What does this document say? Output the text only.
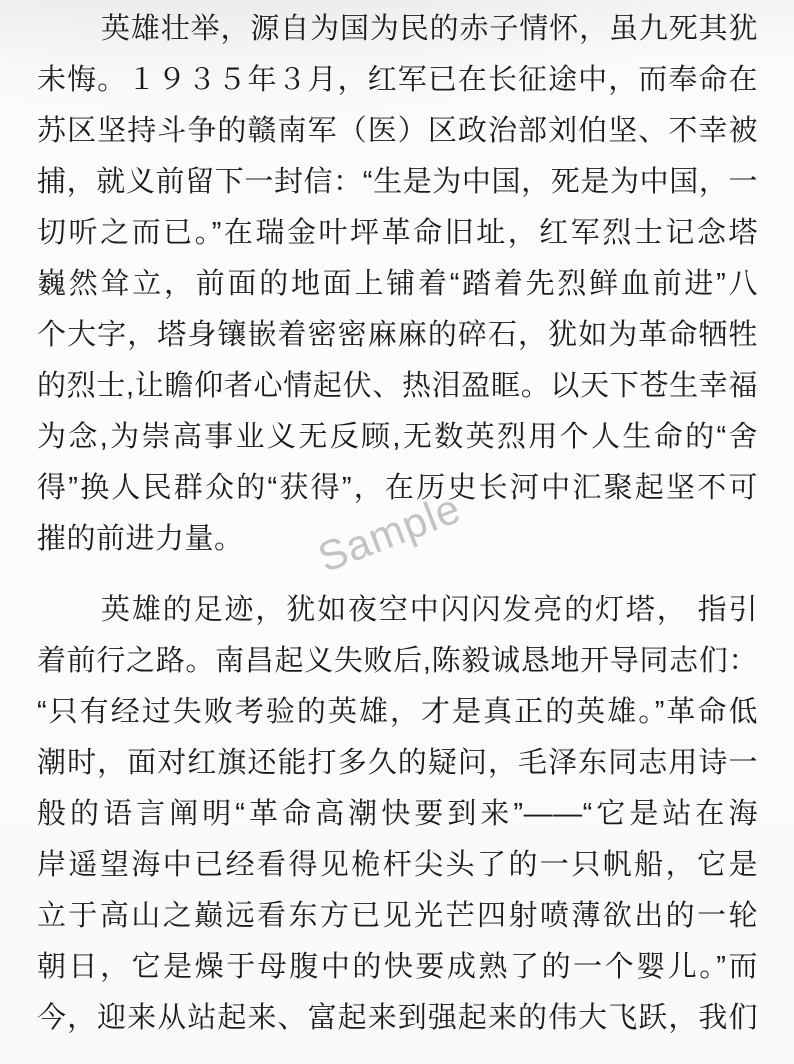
Sample
英雄壮举，源自为国为民的赤子情怀，虽九死其犹
未悔。１９３５年３月，红军已在长征途中，而奉命在
苏区坚持斗争的赣南军（医）区政治部刘伯坚、不幸被
捕，就义前留下一封信：“生是为中国，死是为中国，一
切听之而已。”在瑞金叶坪革命旧址，红军烈士记念塔
巍然耸立，前面的地面上铺着“踏着先烈鲜血前进”八
个大字，塔身镶嵌着密密麻麻的碎石，犹如为革命牺牲
的烈士,让瞻仰者心情起伏、热泪盈眶。以天下苍生幸福
为念,为崇高事业义无反顾,无数英烈用个人生命的“舍
得”换人民群众的“获得”，在历史长河中汇聚起坚不可
摧的前进力量。
英雄的足迹，犹如夜空中闪闪发亮的灯塔， 指引
着前行之路。南昌起义失败后,陈毅诚恳地开导同志们：
“只有经过失败考验的英雄，才是真正的英雄。”革命低
潮时，面对红旗还能打多久的疑问，毛泽东同志用诗一
般的语言阐明“革命高潮快要到来”——“它是站在海
岸遥望海中已经看得见桅杆尖头了的一只帆船，它是
立于高山之巅远看东方已见光芒四射喷薄欲出的一轮
朝日，它是燥于母腹中的快要成熟了的一个婴儿。”而
今，迎来从站起来、富起来到强起来的伟大飞跃，我们
